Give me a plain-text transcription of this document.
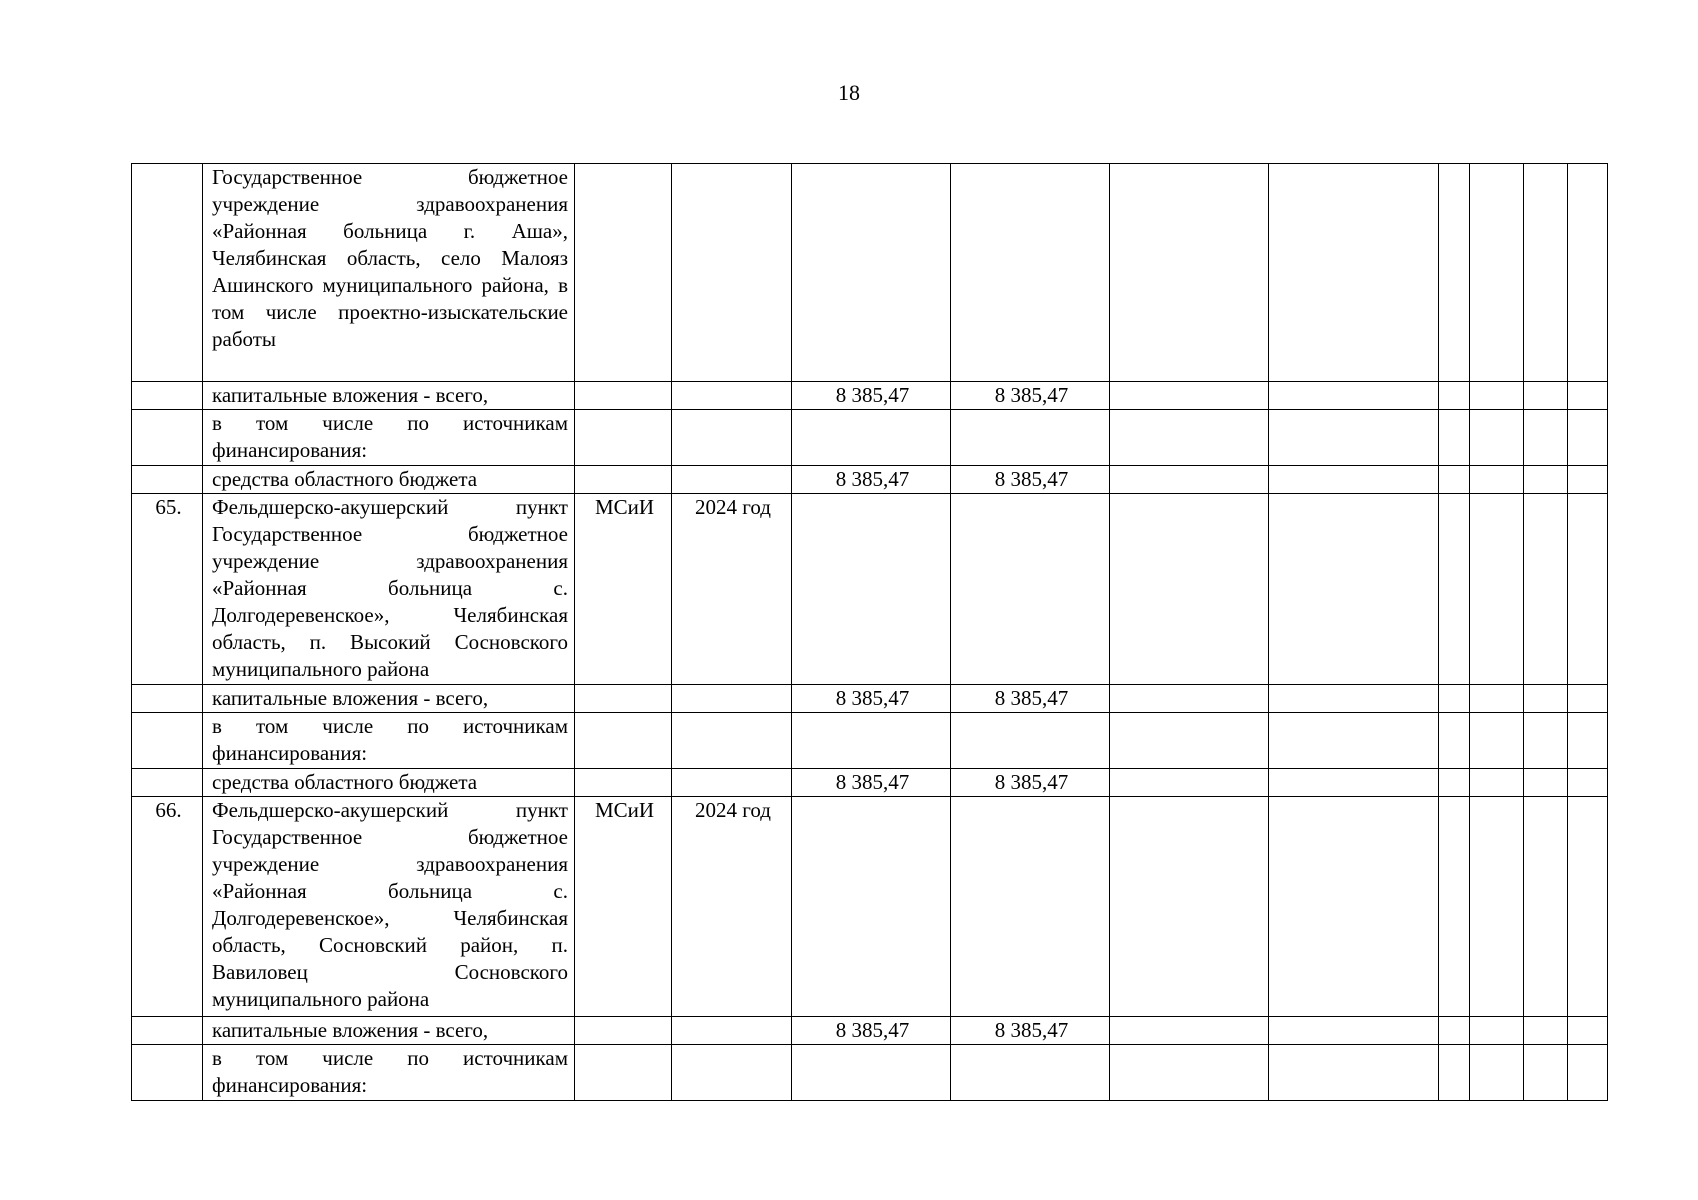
18
	Государственное бюджетное учреждение здравоохранения «Районная больница г. Аша», Челябинская область, село Малояз Ашинского муниципального района, в том числе проектно-изыскательские работы										
	капитальные вложения - всего,			8 385,47	8 385,47						
	в том числе по источникам финансирования:										
	средства областного бюджета			8 385,47	8 385,47						
65.	Фельдшерско-акушерский пункт Государственное бюджетное учреждение здравоохранения «Районная больница с. Долгодеревенское», Челябинская область, п. Высокий Сосновского муниципального района	МСиИ	2024 год								
	капитальные вложения - всего,			8 385,47	8 385,47						
	в том числе по источникам финансирования:										
	средства областного бюджета			8 385,47	8 385,47						
66.	Фельдшерско-акушерский пункт Государственное бюджетное учреждение здравоохранения «Районная больница с. Долгодеревенское», Челябинская область, Сосновский район, п. Вавиловец Сосновского муниципального района	МСиИ	2024 год								
	капитальные вложения - всего,			8 385,47	8 385,47						
	в том числе по источникам финансирования:										
